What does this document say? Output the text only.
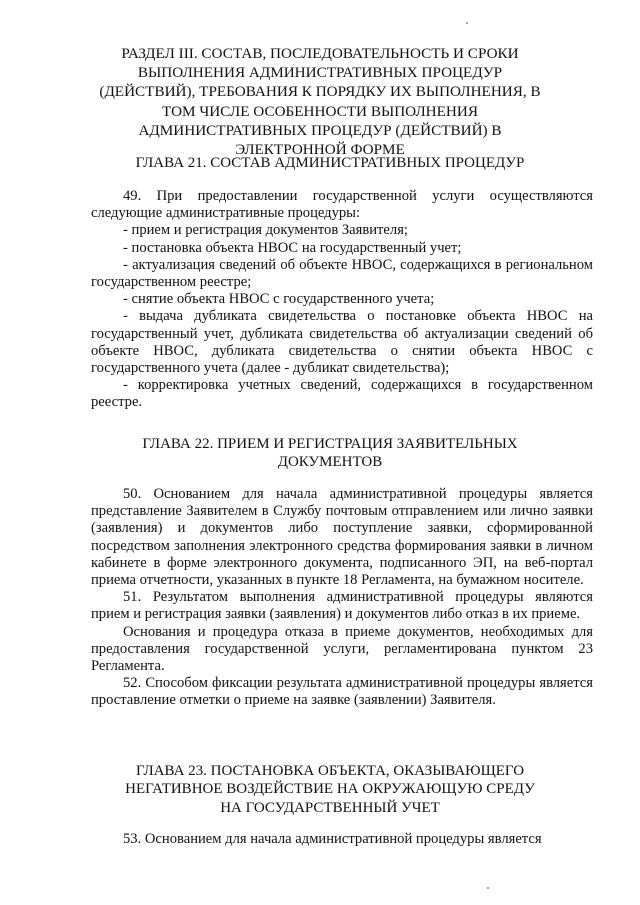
РАЗДЕЛ III. СОСТАВ, ПОСЛЕДОВАТЕЛЬНОСТЬ И СРОКИ ВЫПОЛНЕНИЯ АДМИНИСТРАТИВНЫХ ПРОЦЕДУР (ДЕЙСТВИЙ), ТРЕБОВАНИЯ К ПОРЯДКУ ИХ ВЫПОЛНЕНИЯ, В ТОМ ЧИСЛЕ ОСОБЕННОСТИ ВЫПОЛНЕНИЯ АДМИНИСТРАТИВНЫХ ПРОЦЕДУР (ДЕЙСТВИЙ) В ЭЛЕКТРОННОЙ ФОРМЕ
ГЛАВА 21. СОСТАВ АДМИНИСТРАТИВНЫХ ПРОЦЕДУР

49. При предоставлении государственной услуги осуществляются следующие административные процедуры:

- прием и регистрация документов Заявителя;

- постановка объекта НВОС на государственный учет;

- актуализация сведений об объекте НВОС, содержащихся в региональном государственном реестре;

- снятие объекта НВОС с государственного учета;

- выдача дубликата свидетельства о постановке объекта НВОС на государственный учет, дубликата свидетельства об актуализации сведений об объекте НВОС, дубликата свидетельства о снятии объекта НВОС с государственного учета (далее - дубликат свидетельства);

- корректировка учетных сведений, содержащихся в государственном реестре.

ГЛАВА 22. ПРИЕМ И РЕГИСТРАЦИЯ ЗАЯВИТЕЛЬНЫХ ДОКУМЕНТОВ

50. Основанием для начала административной процедуры является представление Заявителем в Службу почтовым отправлением или лично заявки (заявления) и документов либо поступление заявки, сформированной посредством заполнения электронного средства формирования заявки в личном кабинете в форме электронного документа, подписанного ЭП, на веб-портал приема отчетности, указанных в пункте 18 Регламента, на бумажном носителе.

51. Результатом выполнения административной процедуры являются прием и регистрация заявки (заявления) и документов либо отказ в их приеме.

Основания и процедура отказа в приеме документов, необходимых для предоставления государственной услуги, регламентирована пунктом 23 Регламента.

52. Способом фиксации результата административной процедуры является проставление отметки о приеме на заявке (заявлении) Заявителя.

ГЛАВА 23. ПОСТАНОВКА ОБЪЕКТА, ОКАЗЫВАЮЩЕГО НЕГАТИВНОЕ ВОЗДЕЙСТВИЕ НА ОКРУЖАЮЩУЮ СРЕДУ НА ГОСУДАРСТВЕННЫЙ УЧЕТ

53. Основанием для начала административной процедуры является
